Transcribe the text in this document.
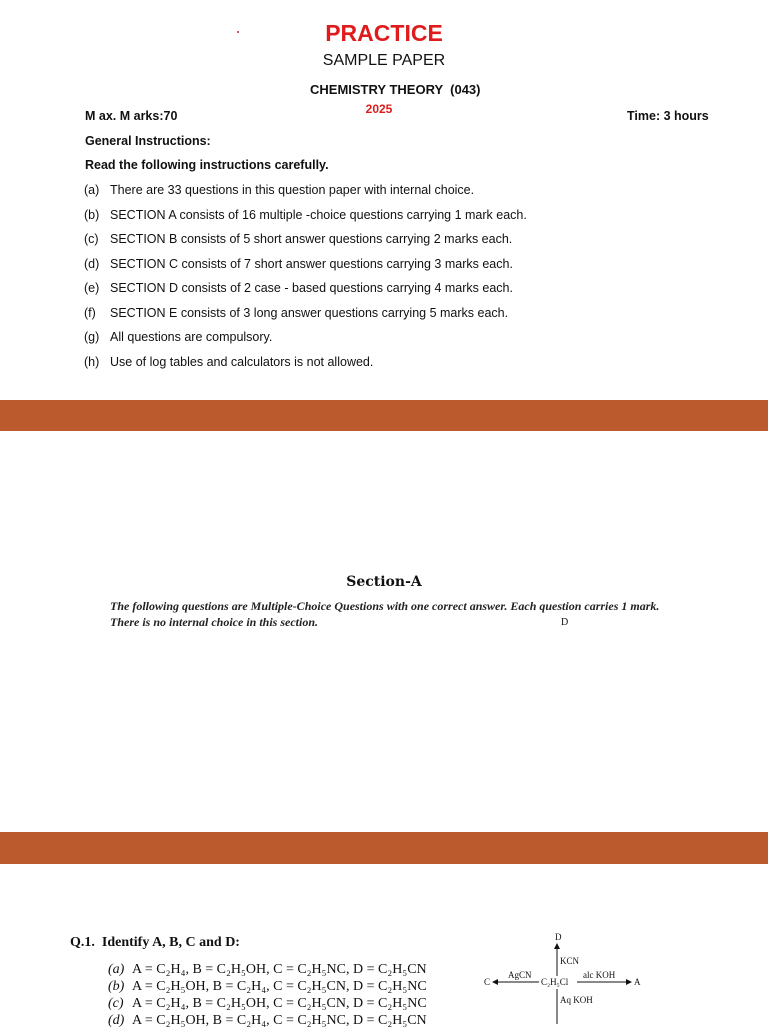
PRACTICE
SAMPLE PAPER
CHEMISTRY THEORY  (043)
2025
M ax. M arks:70	Time: 3 hours
General Instructions:
Read the following instructions carefully.
(a) There are 33 questions in this question paper with internal choice.
(b) SECTION A consists of 16 multiple -choice questions carrying 1 mark each.
(c) SECTION B consists of 5 short answer questions carrying 2 marks each.
(d) SECTION C consists of 7 short answer questions carrying 3 marks each.
(e) SECTION D consists of 2 case - based questions carrying 4 marks each.
(f)	SECTION E consists of 3 long answer questions carrying 5 marks each.
(g) All questions are compulsory.
(h) Use of log tables and calculators is not allowed.
Section-A
The following questions are Multiple-Choice Questions with one correct answer. Each question carries 1 mark. There is no internal choice in this section.	D
Q.1.  Identify A, B, C and D:
(a) A = C₂H₄, B = C₂H₅OH, C = C₂H₅NC, D = C₂H₅CN
(b) A = C₂H₅OH, B = C₂H₄, C = C₂H₅CN, D = C₂H₅NC
(c) A = C₂H₄, B = C₂H₅OH, C = C₂H₅CN, D = C₂H₅NC
(d) A = C₂H₅OH, B = C₂H₄, C = C₂H₅NC, D = C₂H₅CN
D
KCN
C
AgCN
C₂H₅Cl
alc KOH
A
Aq KOH
